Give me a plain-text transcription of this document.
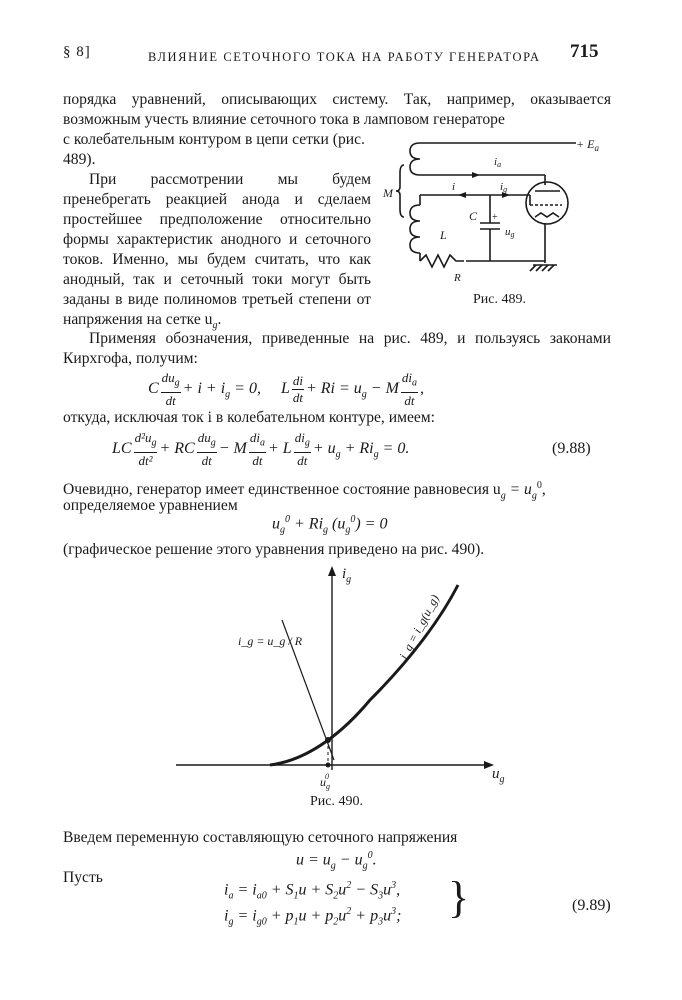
§ 8]	ВЛИЯНИЕ СЕТОЧНОГО ТОКА НА РАБОТУ ГЕНЕРАТОРА 715
порядка уравнений, описывающих систему. Так, например, оказывается возможным учесть влияние сеточного тока в ламповом генераторе
с колебательным контуром в цепи сетки (рис. 489).
При рассмотрении мы будем пренебрегать реакцией анода и сделаем простейшее предположение относительно формы характеристик анодного и сеточного токов. Именно, мы будем считать, что как анодный, так и сеточный токи могут быть заданы в виде полиномов третьей степени от напряжения на сетке $u_g$.
+ $E_a$
ia
i	ig
M
C +
ug
L
R
Рис. 489.
Применяя обозначения, приведенные на рис. 489, и пользуясь законами Кирхгофа, получим:
C $\frac{du_g}{dt} + i + i_g = 0$,     L $\frac{di}{dt} + Ri = u_g - M \frac{di_a}{dt}$ ,
откуда, исключая ток i в колебательном контуре, имеем:
LC $\frac{d^2u_g}{\text{dt²}}$ + RC $\frac{du_g}{dt} - M \frac{di_a}{dt} + L \frac{di_g}{dt} + u_g + Ri_g = 0$.	(9.88)
Очевидно, генератор имеет единственное состояние равновесия $u_g = u_g^0$,
определяемое уравнением
$u_g^0 + Ri_g$ $(u_g^0) = 0$
(графическое решение этого уравнения приведено на рис. 490).
$i_g$
$u_g$
i_g = u_g / R	i_g = i_g(u_g)
$u_g0$
Рис. 490.
Введем переменную составляющую сеточного напряжения
$u = u_g - u_g^0$.
Пусть
$i_a = i_{a0} + S_1u + S_2u^2 - S_3u^3$,
$i_g = i_{g0} + p_1u + p_2u^2 + p_3u^3$; }	(9.89)
